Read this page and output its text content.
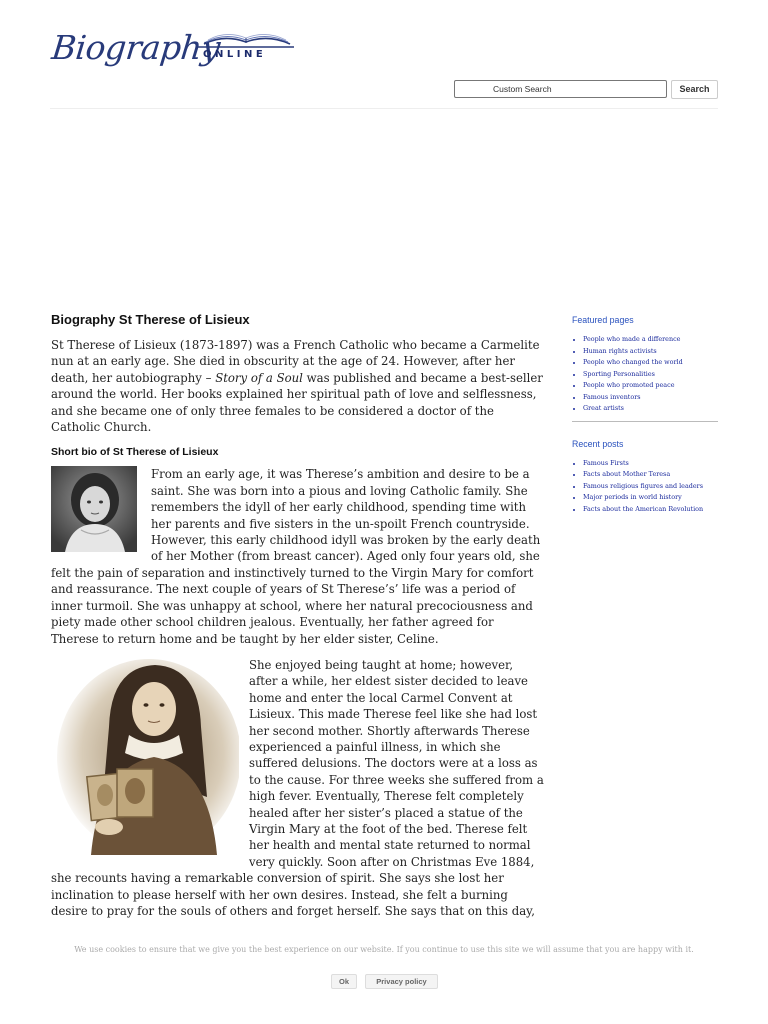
Biography
ONLINE
Custom Search	Search
Biography St Therese of Lisieux

St Therese of Lisieux (1873-1897) was a French Catholic who became a Carmelite nun at an early age. She died in obscurity at the age of 24. However, after her death, her autobiography – Story of a Soul was published and became a best-seller around the world. Her books explained her spiritual path of love and selflessness, and she became one of only three females to be considered a doctor of the Catholic Church.

Short bio of St Therese of Lisieux

From an early age, it was Therese’s ambition and desire to be a saint. She was born into a pious and loving Catholic family. She remembers the idyll of her early childhood, spending time with her parents and five sisters in the un-spoilt French countryside. However, this early childhood idyll was broken by the early death of her Mother (from breast cancer). Aged only four years old, she felt the pain of separation and instinctively turned to the Virgin Mary for comfort and reassurance. The next couple of years of St Therese’s’ life was a period of inner turmoil. She was unhappy at school, where her natural precociousness and piety made other school children jealous. Eventually, her father agreed for Therese to return home and be taught by her elder sister, Celine.

She enjoyed being taught at home; however, after a while, her eldest sister decided to leave home and enter the local Carmel Convent at Lisieux. This made Therese feel like she had lost her second mother. Shortly afterwards Therese experienced a painful illness, in which she suffered delusions. The doctors were at a loss as to the cause. For three weeks she suffered from a high fever. Eventually, Therese felt completely healed after her sister’s placed a statue of the Virgin Mary at the foot of the bed. Therese felt her health and mental state returned to normal very quickly. Soon after on Christmas Eve 1884, she recounts having a remarkable conversion of spirit. She says she lost her inclination to please herself with her own desires. Instead, she felt a burning desire to pray for the souls of others and forget herself. She says that on this day,

Featured pages
• People who made a difference
• Human rights activists
• People who changed the world
• Sporting Personalities
• People who promoted peace
• Famous inventors
• Great artists
Recent posts
• Famous Firsts
• Facts about Mother Teresa
• Famous religious figures and leaders
• Major periods in world history
• Facts about the American Revolution
We use cookies to ensure that we give you the best experience on our website. If you continue to use this site we will assume that you are happy with it.
Ok	Privacy policy
